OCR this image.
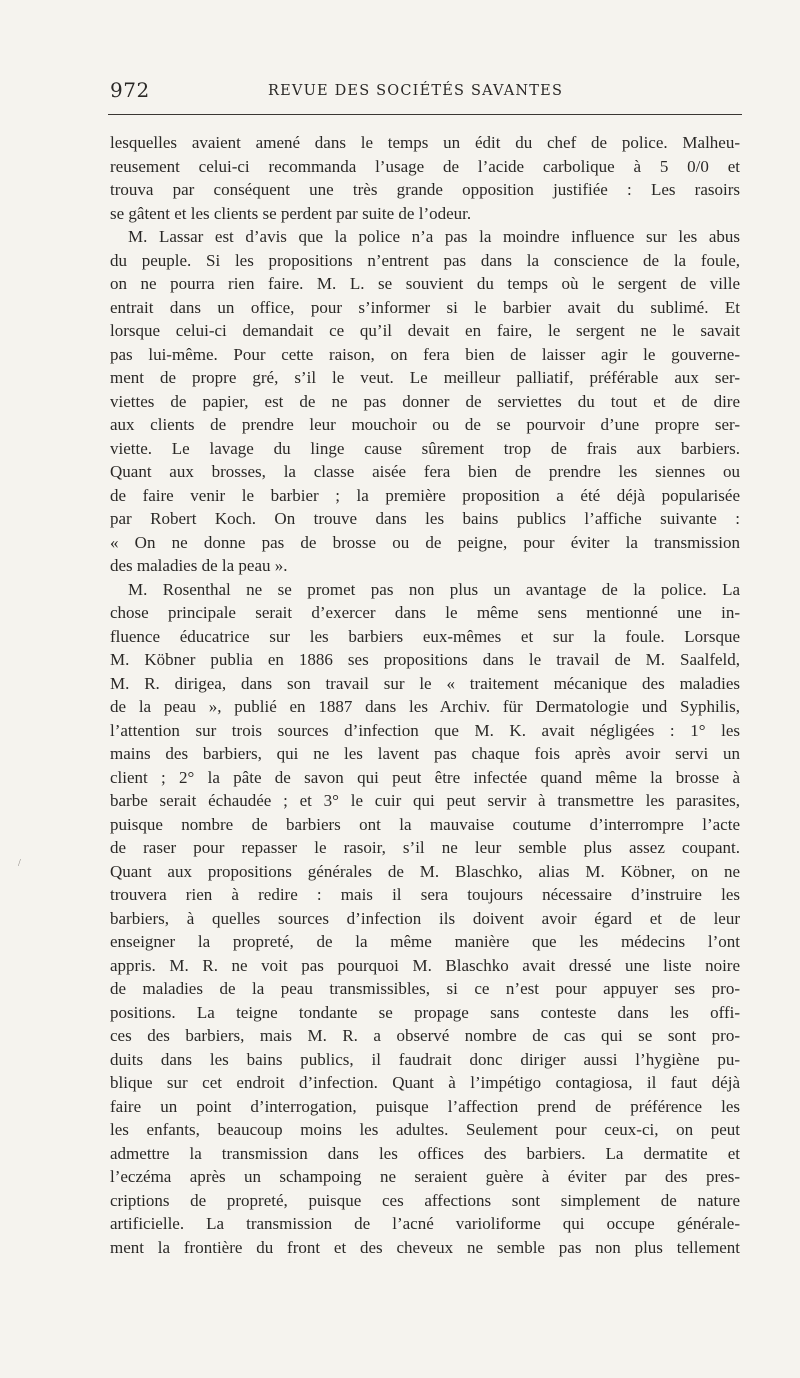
972	REVUE DES SOCIÉTÉS SAVANTES
/
lesquelles avaient amené dans le temps un édit du chef de police. Malheu-
reusement celui-ci recommanda l’usage de l’acide carbolique à 5 0/0 et
trouva par conséquent une très grande opposition justifiée : Les rasoirs
se gâtent et les clients se perdent par suite de l’odeur.
M. Lassar est d’avis que la police n’a pas la moindre influence sur les abus
du peuple. Si les propositions n’entrent pas dans la conscience de la foule,
on ne pourra rien faire. M. L. se souvient du temps où le sergent de ville
entrait dans un office, pour s’informer si le barbier avait du sublimé. Et
lorsque celui-ci demandait ce qu’il devait en faire, le sergent ne le savait
pas lui-même. Pour cette raison, on fera bien de laisser agir le gouverne-
ment de propre gré, s’il le veut. Le meilleur palliatif, préférable aux ser-
viettes de papier, est de ne pas donner de serviettes du tout et de dire
aux clients de prendre leur mouchoir ou de se pourvoir d’une propre ser-
viette. Le lavage du linge cause sûrement trop de frais aux barbiers.
Quant aux brosses, la classe aisée fera bien de prendre les siennes ou
de faire venir le barbier ; la première proposition a été déjà popularisée
par Robert Koch. On trouve dans les bains publics l’affiche suivante :
« On ne donne pas de brosse ou de peigne, pour éviter la transmission
des maladies de la peau ».
M. Rosenthal ne se promet pas non plus un avantage de la police. La
chose principale serait d’exercer dans le même sens mentionné une in-
fluence éducatrice sur les barbiers eux-mêmes et sur la foule. Lorsque
M. Köbner publia en 1886 ses propositions dans le travail de M. Saalfeld,
M. R. dirigea, dans son travail sur le « traitement mécanique des maladies
de la peau », publié en 1887 dans les Archiv. für Dermatologie und Syphilis,
l’attention sur trois sources d’infection que M. K. avait négligées : 1° les
mains des barbiers, qui ne les lavent pas chaque fois après avoir servi un
client ; 2° la pâte de savon qui peut être infectée quand même la brosse à
barbe serait échaudée ; et 3° le cuir qui peut servir à transmettre les parasites,
puisque nombre de barbiers ont la mauvaise coutume d’interrompre l’acte
de raser pour repasser le rasoir, s’il ne leur semble plus assez coupant.
Quant aux propositions générales de M. Blaschko, alias M. Köbner, on ne
trouvera rien à redire : mais il sera toujours nécessaire d’instruire les
barbiers, à quelles sources d’infection ils doivent avoir égard et de leur
enseigner la propreté, de la même manière que les médecins l’ont
appris. M. R. ne voit pas pourquoi M. Blaschko avait dressé une liste noire
de maladies de la peau transmissibles, si ce n’est pour appuyer ses pro-
positions. La teigne tondante se propage sans conteste dans les offi-
ces des barbiers, mais M. R. a observé nombre de cas qui se sont pro-
duits dans les bains publics, il faudrait donc diriger aussi l’hygiène pu-
blique sur cet endroit d’infection. Quant à l’impétigo contagiosa, il faut déjà
faire un point d’interrogation, puisque l’affection prend de préférence les
les enfants, beaucoup moins les adultes. Seulement pour ceux-ci, on peut
admettre la transmission dans les offices des barbiers. La dermatite et
l’eczéma après un schampoing ne seraient guère à éviter par des pres-
criptions de propreté, puisque ces affections sont simplement de nature
artificielle. La transmission de l’acné varioliforme qui occupe générale-
ment la frontière du front et des cheveux ne semble pas non plus tellement
